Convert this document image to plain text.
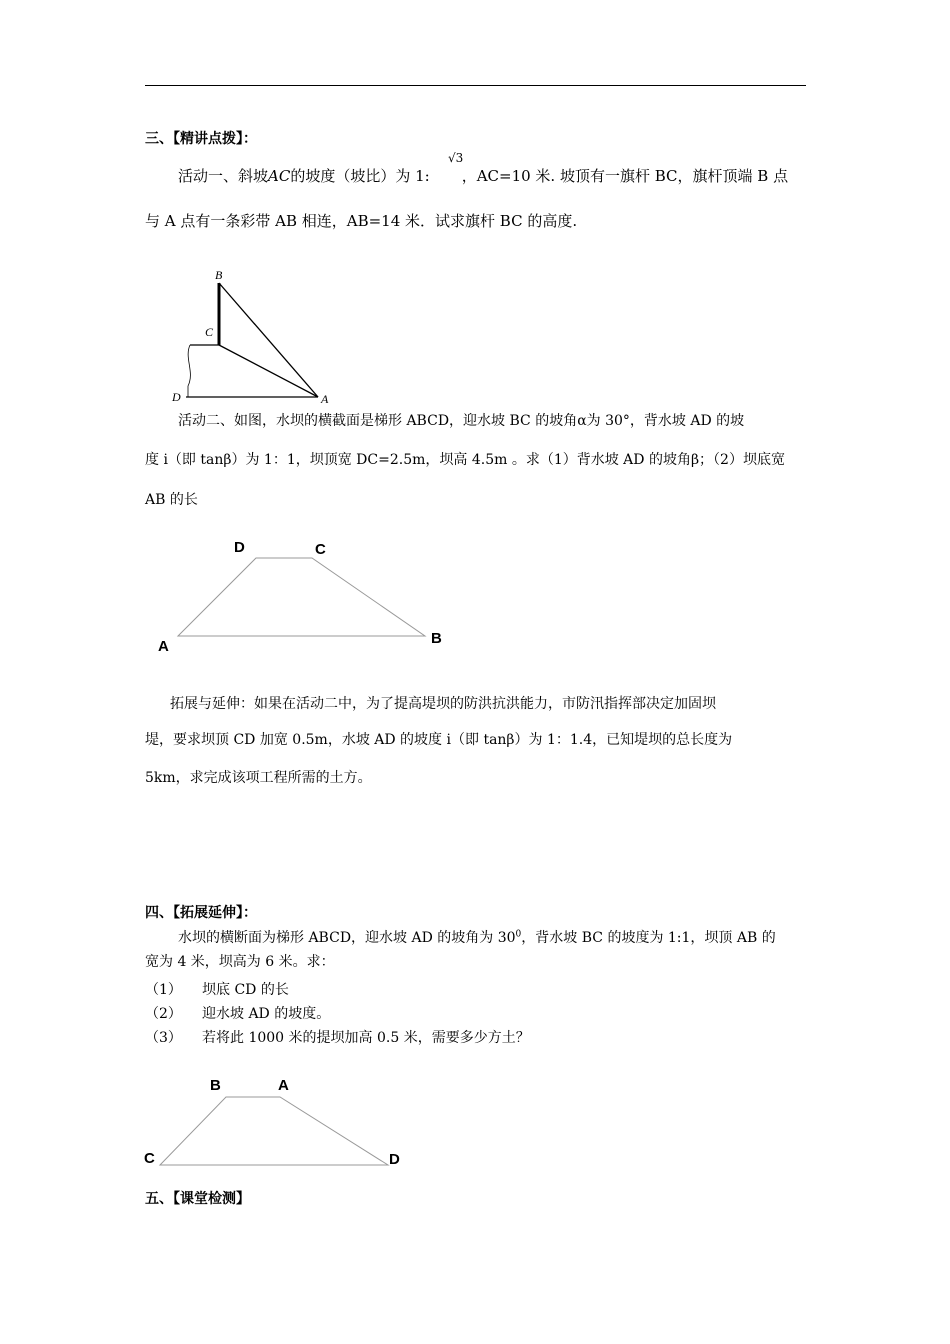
三、【精讲点拨】：
活动一、斜坡AC的坡度（坡比）为 1: ，AC=10 米. 坡顶有一旗杆 BC，旗杆顶端 B 点
√3
与 A 点有一条彩带 AB 相连，AB=14 米．试求旗杆 BC 的高度.
B
C
D	A
活动二、如图，水坝的横截面是梯形 ABCD，迎水坡 BC 的坡角α为 30°，背水坡 AD 的坡
度 i（即 tanβ）为 1：1，坝顶宽 DC=2.5m，坝高 4.5m 。求（1）背水坡 AD 的坡角β；（2）坝底宽
AB 的长
D	C
A	B
拓展与延伸：如果在活动二中，为了提高堤坝的防洪抗洪能力，市防汛指挥部决定加固坝
堤，要求坝顶 CD 加宽 0.5m，水坡 AD 的坡度 i（即 tanβ）为 1：1.4，已知堤坝的总长度为
5km，求完成该项工程所需的土方。
四、【拓展延伸】：
水坝的横断面为梯形 ABCD，迎水坡 AD 的坡角为 $30^0$，背水坡 BC 的坡度为 1:1，坝顶 AB 的
宽为 4 米，坝高为 6 米。求：
（1） 坝底 CD 的长
（2） 迎水坡 AD 的坡度。
（3） 若将此 1000 米的提坝加高 0.5 米，需要多少方土？
B	A
C	D
五、【课堂检测】
